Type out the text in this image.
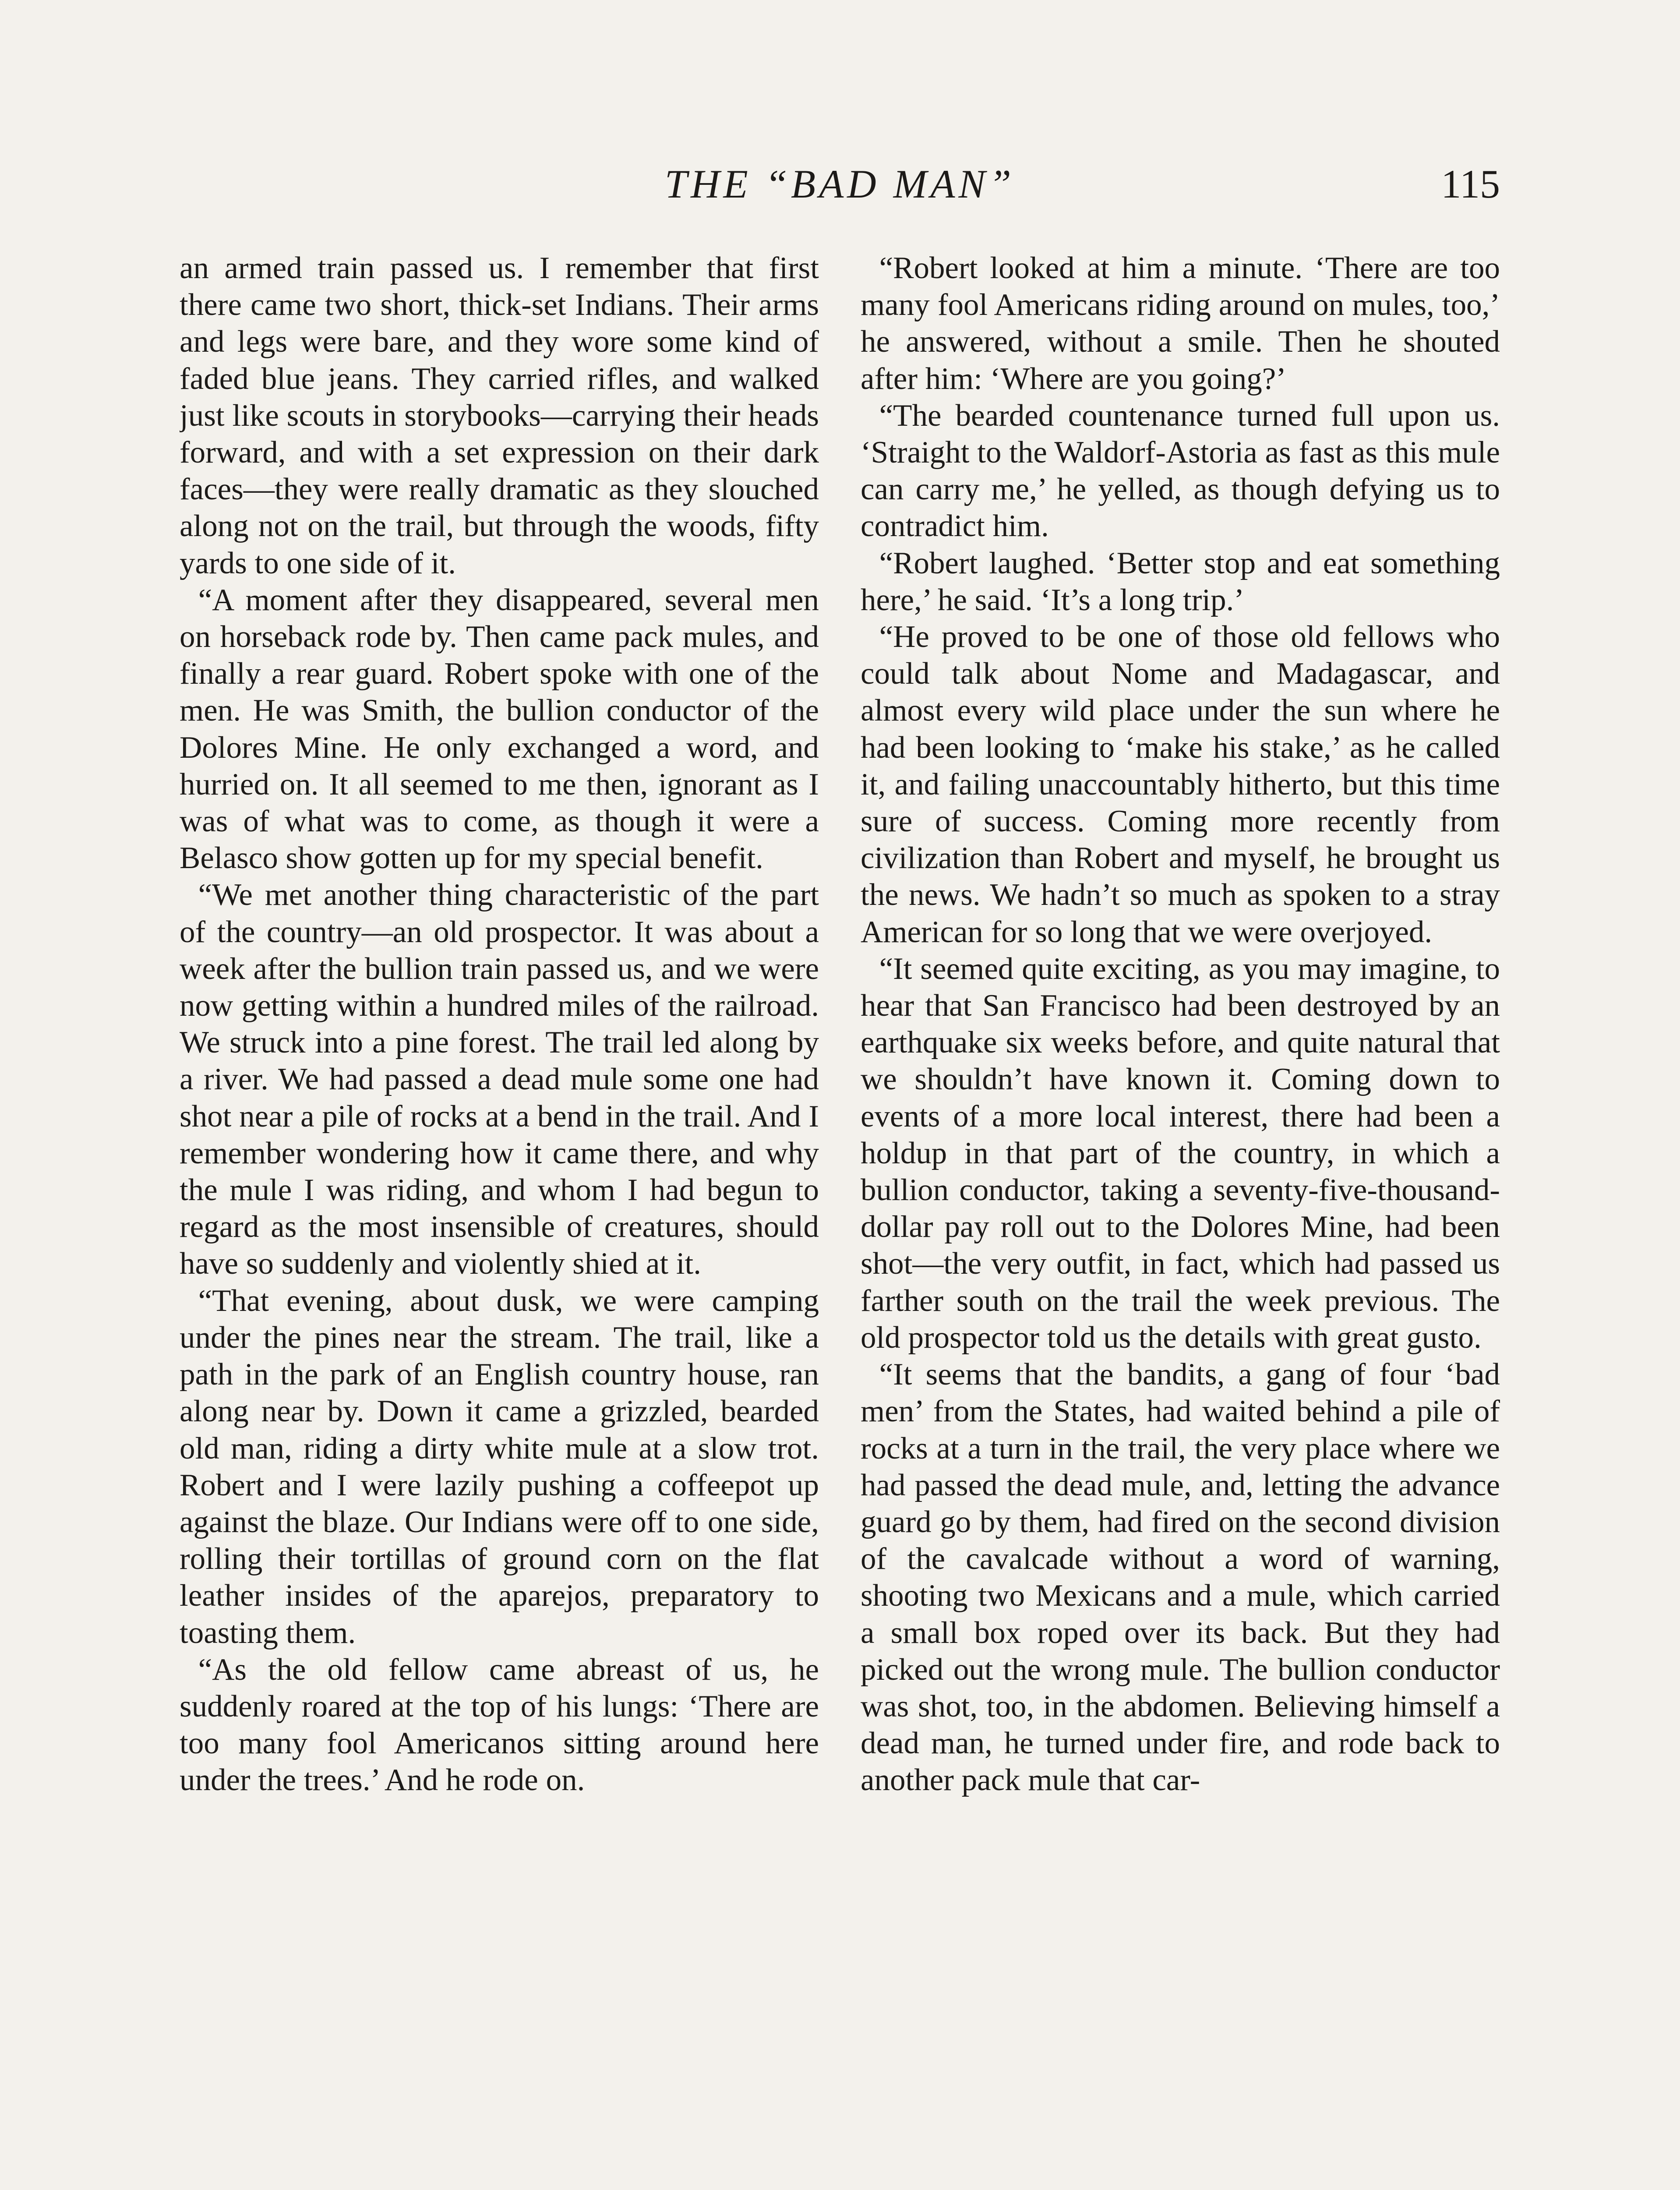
THE “BAD MAN”	115

an armed train passed us. I remember that first there came two short, thick-set Indians. Their arms and legs were bare, and they wore some kind of faded blue jeans. They carried rifles, and walked just like scouts in storybooks—carrying their heads forward, and with a set expression on their dark faces—they were really dramatic as they slouched along not on the trail, but through the woods, fifty yards to one side of it.

“A moment after they disappeared, several men on horseback rode by. Then came pack mules, and finally a rear guard. Robert spoke with one of the men. He was Smith, the bullion conductor of the Dolores Mine. He only exchanged a word, and hurried on. It all seemed to me then, ignorant as I was of what was to come, as though it were a Belasco show gotten up for my special benefit.

“We met another thing characteristic of the part of the country—an old prospector. It was about a week after the bullion train passed us, and we were now getting within a hundred miles of the railroad. We struck into a pine forest. The trail led along by a river. We had passed a dead mule some one had shot near a pile of rocks at a bend in the trail. And I remember wondering how it came there, and why the mule I was riding, and whom I had begun to regard as the most insensible of creatures, should have so suddenly and violently shied at it.

“That evening, about dusk, we were camping under the pines near the stream. The trail, like a path in the park of an English country house, ran along near by. Down it came a grizzled, bearded old man, riding a dirty white mule at a slow trot. Robert and I were lazily pushing a coffeepot up against the blaze. Our Indians were off to one side, rolling their tortillas of ground corn on the flat leather insides of the aparejos, preparatory to toasting them.

“As the old fellow came abreast of us, he suddenly roared at the top of his lungs: ‘There are too many fool Americanos sitting around here under the trees.’ And he rode on.

“Robert looked at him a minute. ‘There are too many fool Americans riding around on mules, too,’ he answered, without a smile. Then he shouted after him: ‘Where are you going?’

“The bearded countenance turned full upon us. ‘Straight to the Waldorf-Astoria as fast as this mule can carry me,’ he yelled, as though defying us to contradict him.

“Robert laughed. ‘Better stop and eat something here,’ he said. ‘It’s a long trip.’

“He proved to be one of those old fellows who could talk about Nome and Madagascar, and almost every wild place under the sun where he had been looking to ‘make his stake,’ as he called it, and failing unaccountably hitherto, but this time sure of success. Coming more recently from civilization than Robert and myself, he brought us the news. We hadn’t so much as spoken to a stray American for so long that we were overjoyed.

“It seemed quite exciting, as you may imagine, to hear that San Francisco had been destroyed by an earthquake six weeks before, and quite natural that we shouldn’t have known it. Coming down to events of a more local interest, there had been a holdup in that part of the country, in which a bullion conductor, taking a seventy-five-thousand-dollar pay roll out to the Dolores Mine, had been shot—the very outfit, in fact, which had passed us farther south on the trail the week previous. The old prospector told us the details with great gusto.

“It seems that the bandits, a gang of four ‘bad men’ from the States, had waited behind a pile of rocks at a turn in the trail, the very place where we had passed the dead mule, and, letting the advance guard go by them, had fired on the second division of the cavalcade without a word of warning, shooting two Mexicans and a mule, which carried a small box roped over its back. But they had picked out the wrong mule. The bullion conductor was shot, too, in the abdomen. Believing himself a dead man, he turned under fire, and rode back to another pack mule that car-
